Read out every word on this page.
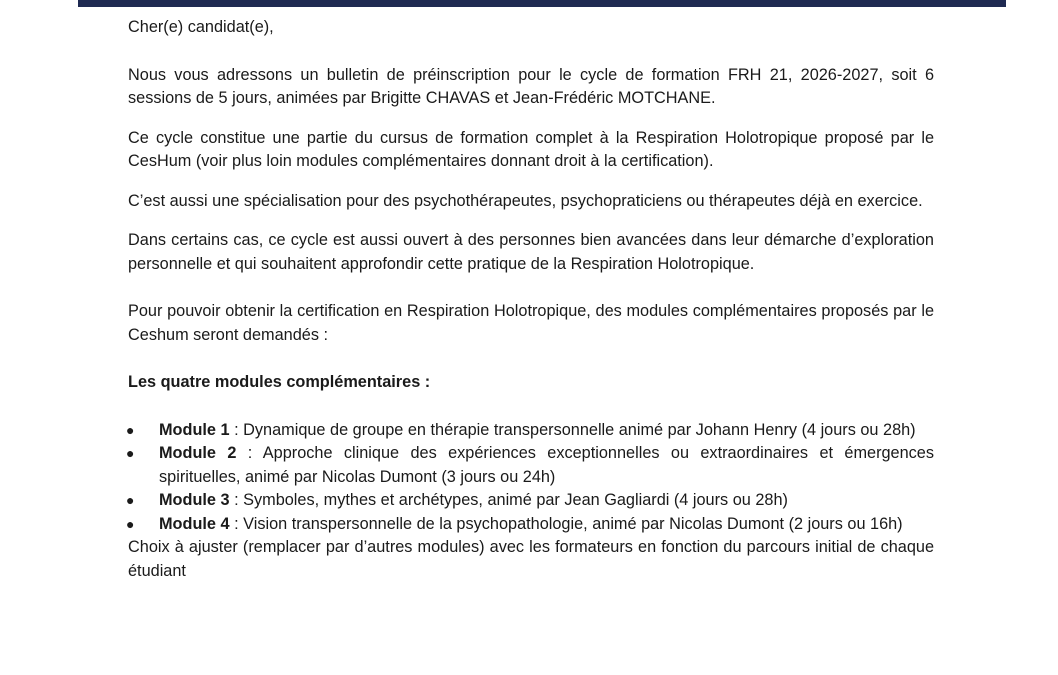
Cher(e) candidat(e),

Nous vous adressons un bulletin de préinscription pour le cycle de formation FRH 21, 2026-2027, soit 6 sessions de 5 jours, animées par Brigitte CHAVAS et Jean-Frédéric MOTCHANE.

Ce cycle constitue une partie du cursus de formation complet à la Respiration Holotropique proposé par le CesHum (voir plus loin modules complémentaires donnant droit à la certification).

C’est aussi une spécialisation pour des psychothérapeutes, psychopraticiens ou thérapeutes déjà en exercice.

Dans certains cas, ce cycle est aussi ouvert à des personnes bien avancées dans leur démarche d’exploration personnelle et qui souhaitent approfondir cette pratique de la Respiration Holotropique.

Pour pouvoir obtenir la certification en Respiration Holotropique, des modules complémentaires proposés par le Ceshum seront demandés :

Les quatre modules complémentaires :

● Module 1 : Dynamique de groupe en thérapie transpersonnelle animé par Johann Henry (4 jours ou 28h)
● Module 2 : Approche clinique des expériences exceptionnelles ou extraordinaires et émergences spirituelles, animé par Nicolas Dumont (3 jours ou 24h)
● Module 3 : Symboles, mythes et archétypes, animé par Jean Gagliardi (4 jours ou 28h)
● Module 4 : Vision transpersonnelle de la psychopathologie, animé par Nicolas Dumont (2 jours ou 16h)

Choix à ajuster (remplacer par d’autres modules) avec les formateurs en fonction du parcours initial de chaque étudiant
